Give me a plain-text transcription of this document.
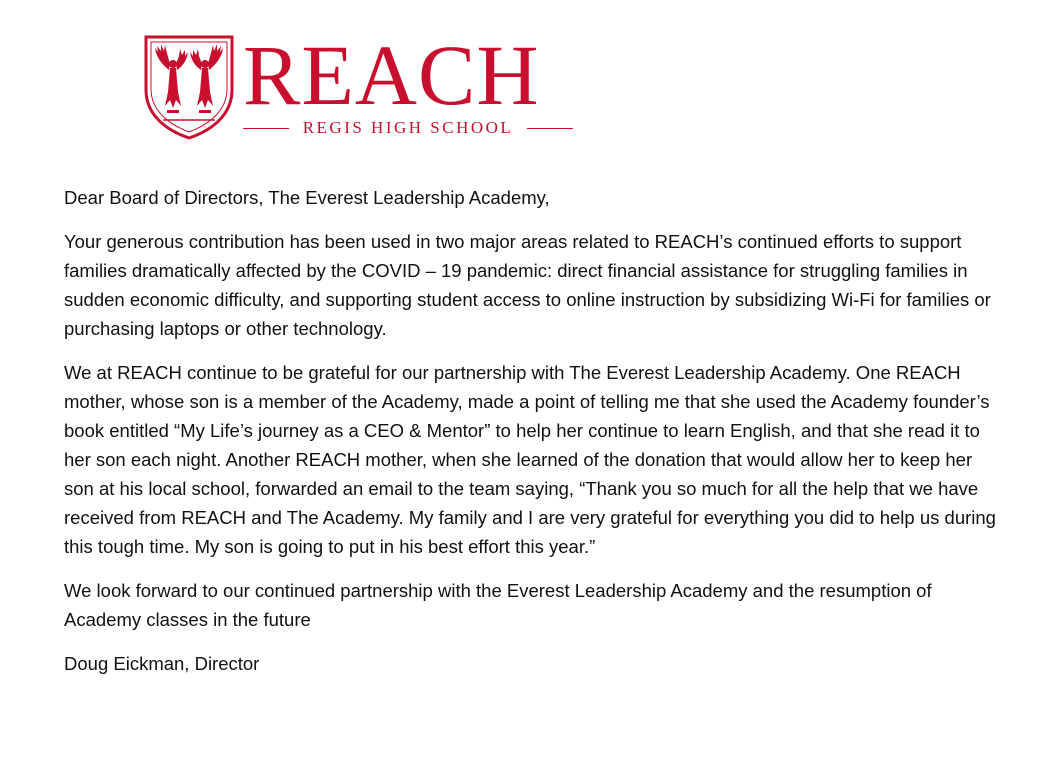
REACH
REGIS HIGH SCHOOL

Dear Board of Directors, The Everest Leadership Academy,

Your generous contribution has been used in two major areas related to REACH’s continued efforts to support families dramatically affected by the COVID – 19 pandemic: direct financial assistance for struggling families in sudden economic difficulty, and supporting student access to online instruction by subsidizing Wi-Fi for families or purchasing laptops or other technology.

We at REACH continue to be grateful for our partnership with The Everest Leadership Academy. One REACH mother, whose son is a member of the Academy, made a point of telling me that she used the Academy founder’s book entitled “My Life’s journey as a CEO & Mentor” to help her continue to learn English, and that she read it to her son each night. Another REACH mother, when she learned of the donation that would allow her to keep her son at his local school, forwarded an email to the team saying, “Thank you so much for all the help that we have received from REACH and The Academy. My family and I are very grateful for everything you did to help us during this tough time. My son is going to put in his best effort this year.”

We look forward to our continued partnership with the Everest Leadership Academy and the resumption of Academy classes in the future

Doug Eickman, Director
